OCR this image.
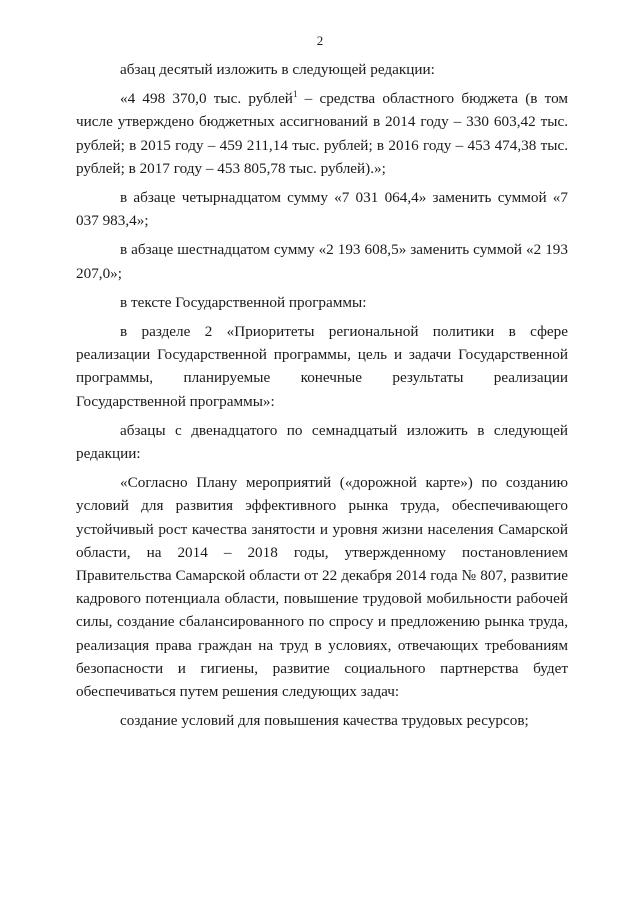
2

абзац десятый изложить в следующей редакции:

«4 498 370,0 тыс. рублей$^1$ – средства областного бюджета (в том числе утверждено бюджетных ассигнований в 2014 году – 330 603,42 тыс. рублей; в 2015 году – 459 211,14 тыс. рублей; в 2016 году – 453 474,38 тыс. рублей; в 2017 году – 453 805,78 тыс. рублей).»;

в абзаце четырнадцатом сумму «7 031 064,4» заменить суммой «7 037 983,4»;

в абзаце шестнадцатом сумму «2 193 608,5» заменить суммой «2 193 207,0»;

в тексте Государственной программы:

в разделе 2 «Приоритеты региональной политики в сфере реализации Государственной программы, цель и задачи Государственной программы, планируемые конечные результаты реализации Государственной программы»:

абзацы с двенадцатого по семнадцатый изложить в следующей редакции:

«Согласно Плану мероприятий («дорожной карте») по созданию условий для развития эффективного рынка труда, обеспечивающего устойчивый рост качества занятости и уровня жизни населения Самарской области, на 2014 – 2018 годы, утвержденному постановлением Правительства Самарской области от 22 декабря 2014 года № 807, развитие кадрового потенциала области, повышение трудовой мобильности рабочей силы, создание сбалансированного по спросу и предложению рынка труда, реализация права граждан на труд в условиях, отвечающих требованиям безопасности и гигиены, развитие социального партнерства будет обеспечиваться путем решения следующих задач:

создание условий для повышения качества трудовых ресурсов;
